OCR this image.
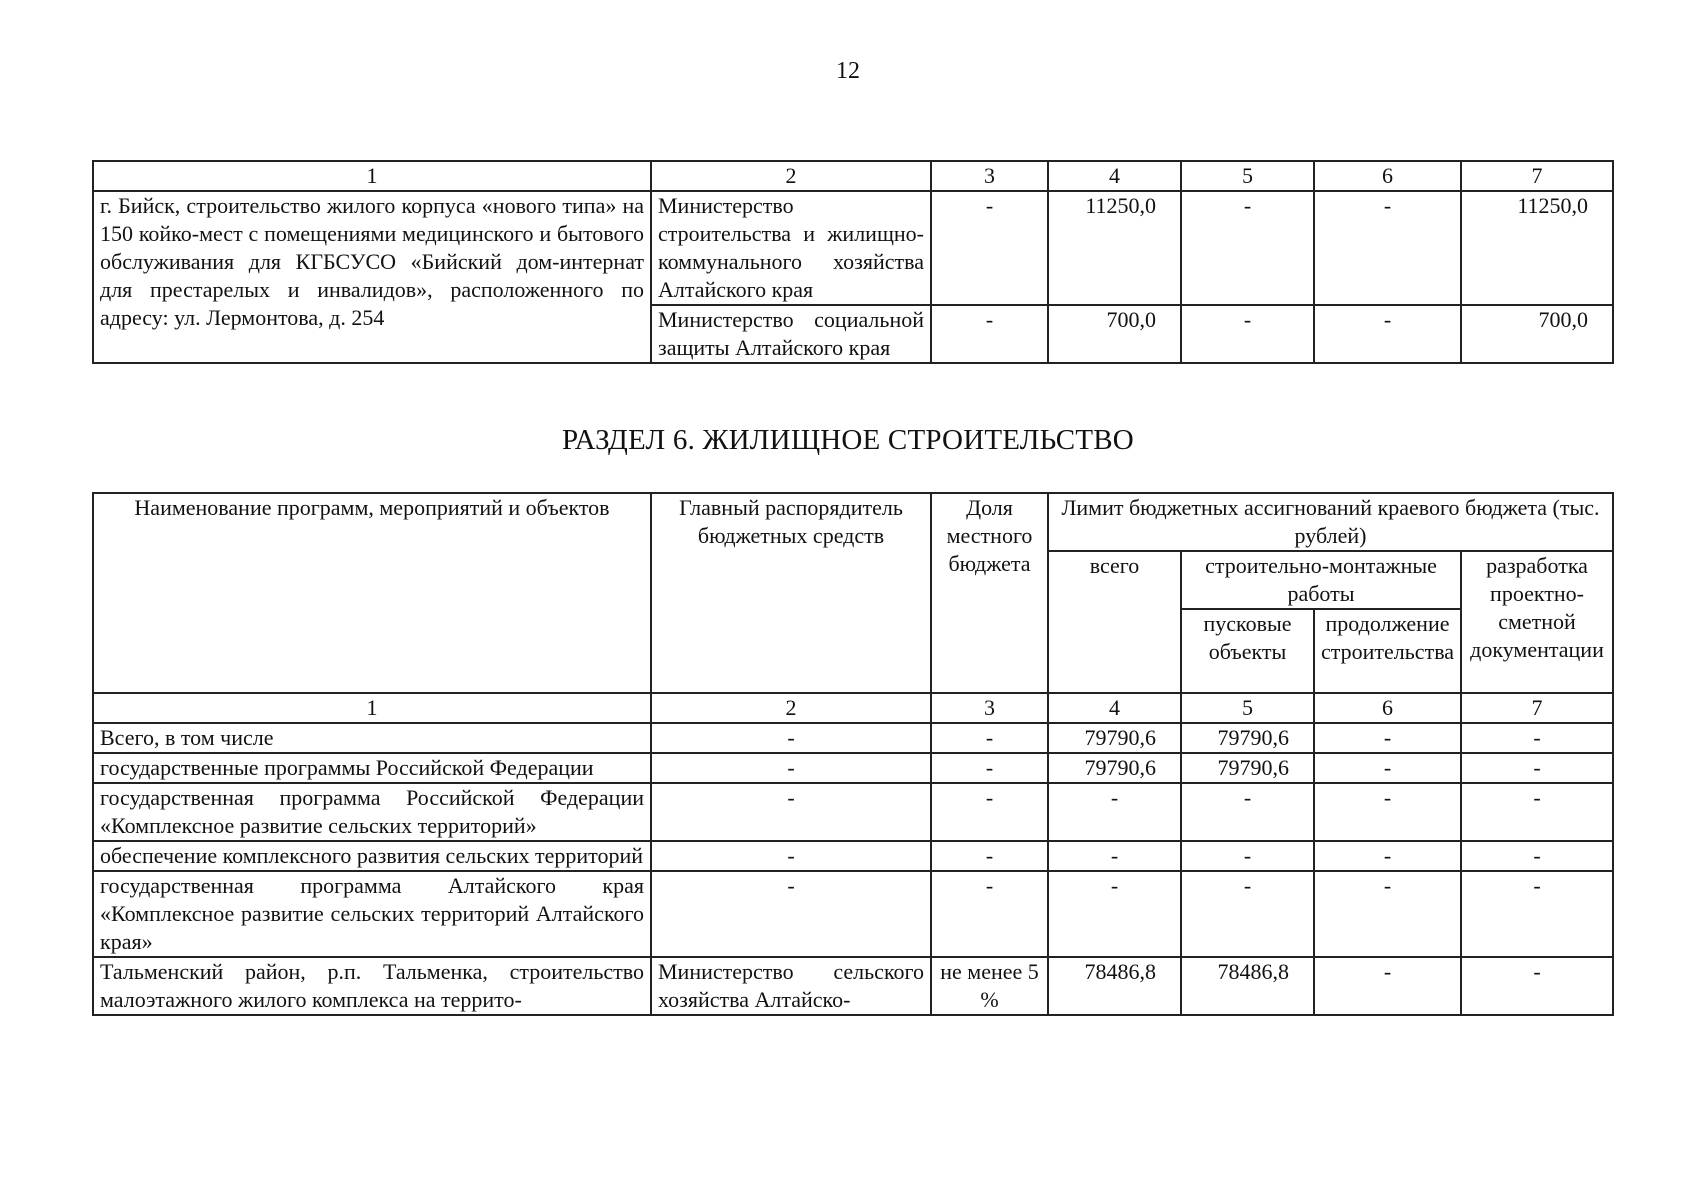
12
1	2	3	4	5	6	7
г. Бийск, строительство жилого корпуса «нового типа» на 150 койко-мест с помещениями медицинского и бытового обслуживания для КГБСУСО «Бийский дом-интернат для престарелых и инвалидов», расположенного по адресу: ул. Лермонтова, д. 254	Министерство строительства и жилищно-коммунального хозяйства Алтайского края	-	11250,0	-	-	11250,0
	Министерство социальной защиты Алтайского края	-	700,0	-	-	700,0
РАЗДЕЛ 6. ЖИЛИЩНОЕ СТРОИТЕЛЬСТВО
Наименование программ, мероприятий и объектов	Главный распорядитель бюджетных средств	Доля местного бюджета	Лимит бюджетных ассигнований краевого бюджета (тыс. рублей)			
			всего	строительно-монтажные работы		разработка проектно-сметной документации
				пусковые объекты	продолжение строительства	
1	2	3	4	5	6	7
Всего, в том числе	-	-	79790,6	79790,6	-	-
государственные программы Российской Федерации	-	-	79790,6	79790,6	-	-
государственная программа Российской Федерации «Комплексное развитие сельских территорий»	-	-	-	-	-	-
обеспечение комплексного развития сельских территорий	-	-	-	-	-	-
государственная программа Алтайского края «Комплексное развитие сельских территорий Алтайского края»	-	-	-	-	-	-
Тальменский район, р.п. Тальменка, строительство малоэтажного жилого комплекса на террито-	Министерство сельского хозяйства Алтайско-	не менее 5 %	78486,8	78486,8	-	-
